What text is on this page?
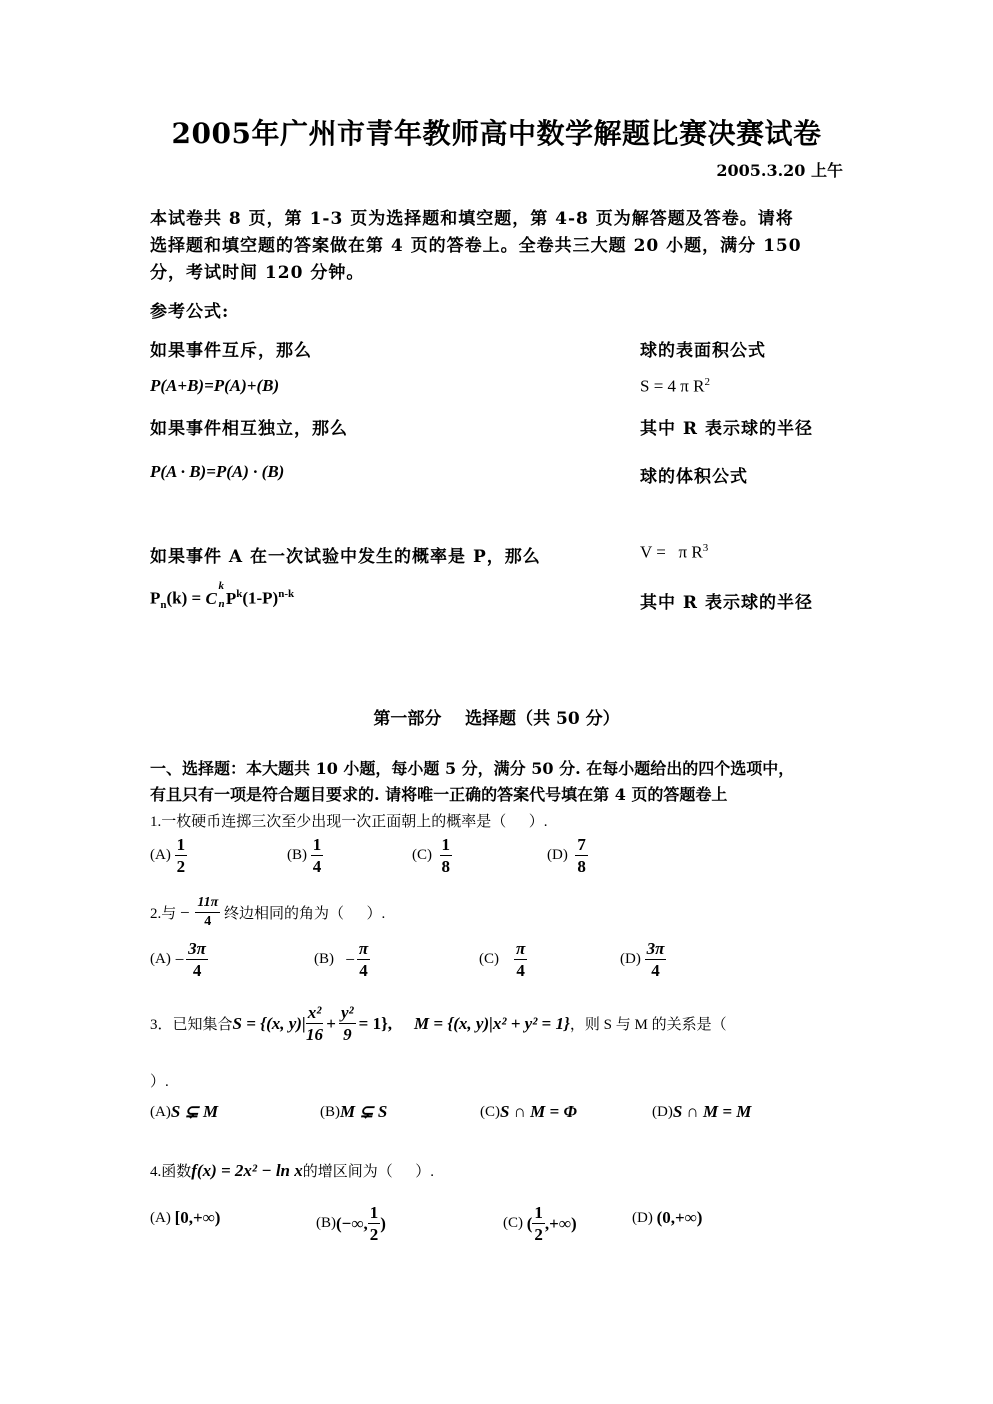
2005年广州市青年教师高中数学解题比赛决赛试卷
2005.3.20 上午

本试卷共 8 页，第 1-3 页为选择题和填空题，第 4-8 页为解答题及答卷。请将

选择题和填空题的答案做在第 4 页的答卷上。全卷共三大题 20 小题，满分 150

分，考试时间 120 分钟。

参考公式:
如果事件互斥，那么
P(A+B)=P(A)+(B)
如果事件相互独立，那么
P(A · B)=P(A) · (B)
如果事件 A 在一次试验中发生的概率是 P，那么
$P_n(k) = C$
k
n $P^k(1-P)^{n-k}$
球的表面积公式
S = 4 π $R^2$
其中 R 表示球的半径
球的体积公式
V =   π $R^3$
其中 R 表示球的半径
第一部分    选择题（共 50 分）

一、选择题：本大题共 10 小题，每小题 5 分，满分 50 分. 在每小题给出的四个选项中，

有且只有一项是符合题目要求的. 请将唯一正确的答案代号填在第 4 页的答题卷上

1.一枚硬币连掷三次至少出现一次正面朝上的概率是（      ）.
(A)
$\frac{1}{2}$	(B)
$\frac{1}{4}$	(C)
$\frac{1}{8}$	(D)
$\frac{7}{8}$
2.与
−
$\frac{11\pi}{4}$
终边相同的角为（      ）.
(A)
− $\frac{3\pi}{4}$	(B)
− $\frac{\pi}{4}$	(C)
$\frac{\pi}{4}$	(D)
$\frac{3\pi}{4}$
3．已知集合 S = {(x, $y)| \frac{\text{x²}}{16} + \frac{\text{y²}}{9} = 1$}, M = {(x, y)|x² + y² = 1} ，则 S 与 M 的关系是（
）.
(A) S ⊊ M	(B) M ⊊ S	(C) S ∩ M = Φ	(D) S ∩ M = M
4.函数 f(x) = 2x² − ln x 的增区间为（      ）.
(A)
[0,+∞)	(B) (−∞, $\frac{1}{2}$ )	(C)
( $\frac{1}{2}$ ,+∞)	(D)
(0,+∞)
